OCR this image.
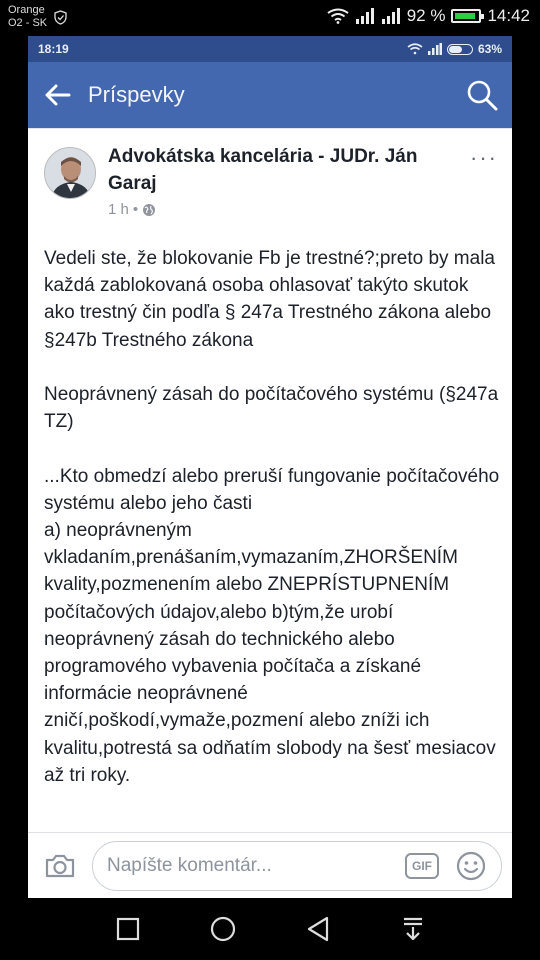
Orange
O2 - SK	92 % 14:42
18:19	63%
Príspevky
Advokátska kancelária - JUDr. Ján Garaj
···
1 h •
Vedeli ste, že blokovanie Fb je trestné?;preto by mala každá zablokovaná osoba ohlasovať takýto skutok ako trestný čin podľa § 247a Trestného zákona alebo §247b Trestného zákona

Neoprávnený zásah do počítačového systému (§247a TZ)

...Kto obmedzí alebo preruší fungovanie počítačového systému alebo jeho časti
a) neoprávneným vkladaním,prenášaním,vymazaním,ZHORŠENÍM kvality,pozmenením alebo ZNEPRÍSTUPNENÍM počítačových údajov,alebo b)tým,že urobí neoprávnený zásah do technického alebo programového vybavenia počítača a získané informácie neoprávnené zničí,poškodí,vymaže,pozmení alebo zníži ich kvalitu,potrestá sa odňatím slobody na šesť mesiacov až tri roky.
Napíšte komentár...
GIF
